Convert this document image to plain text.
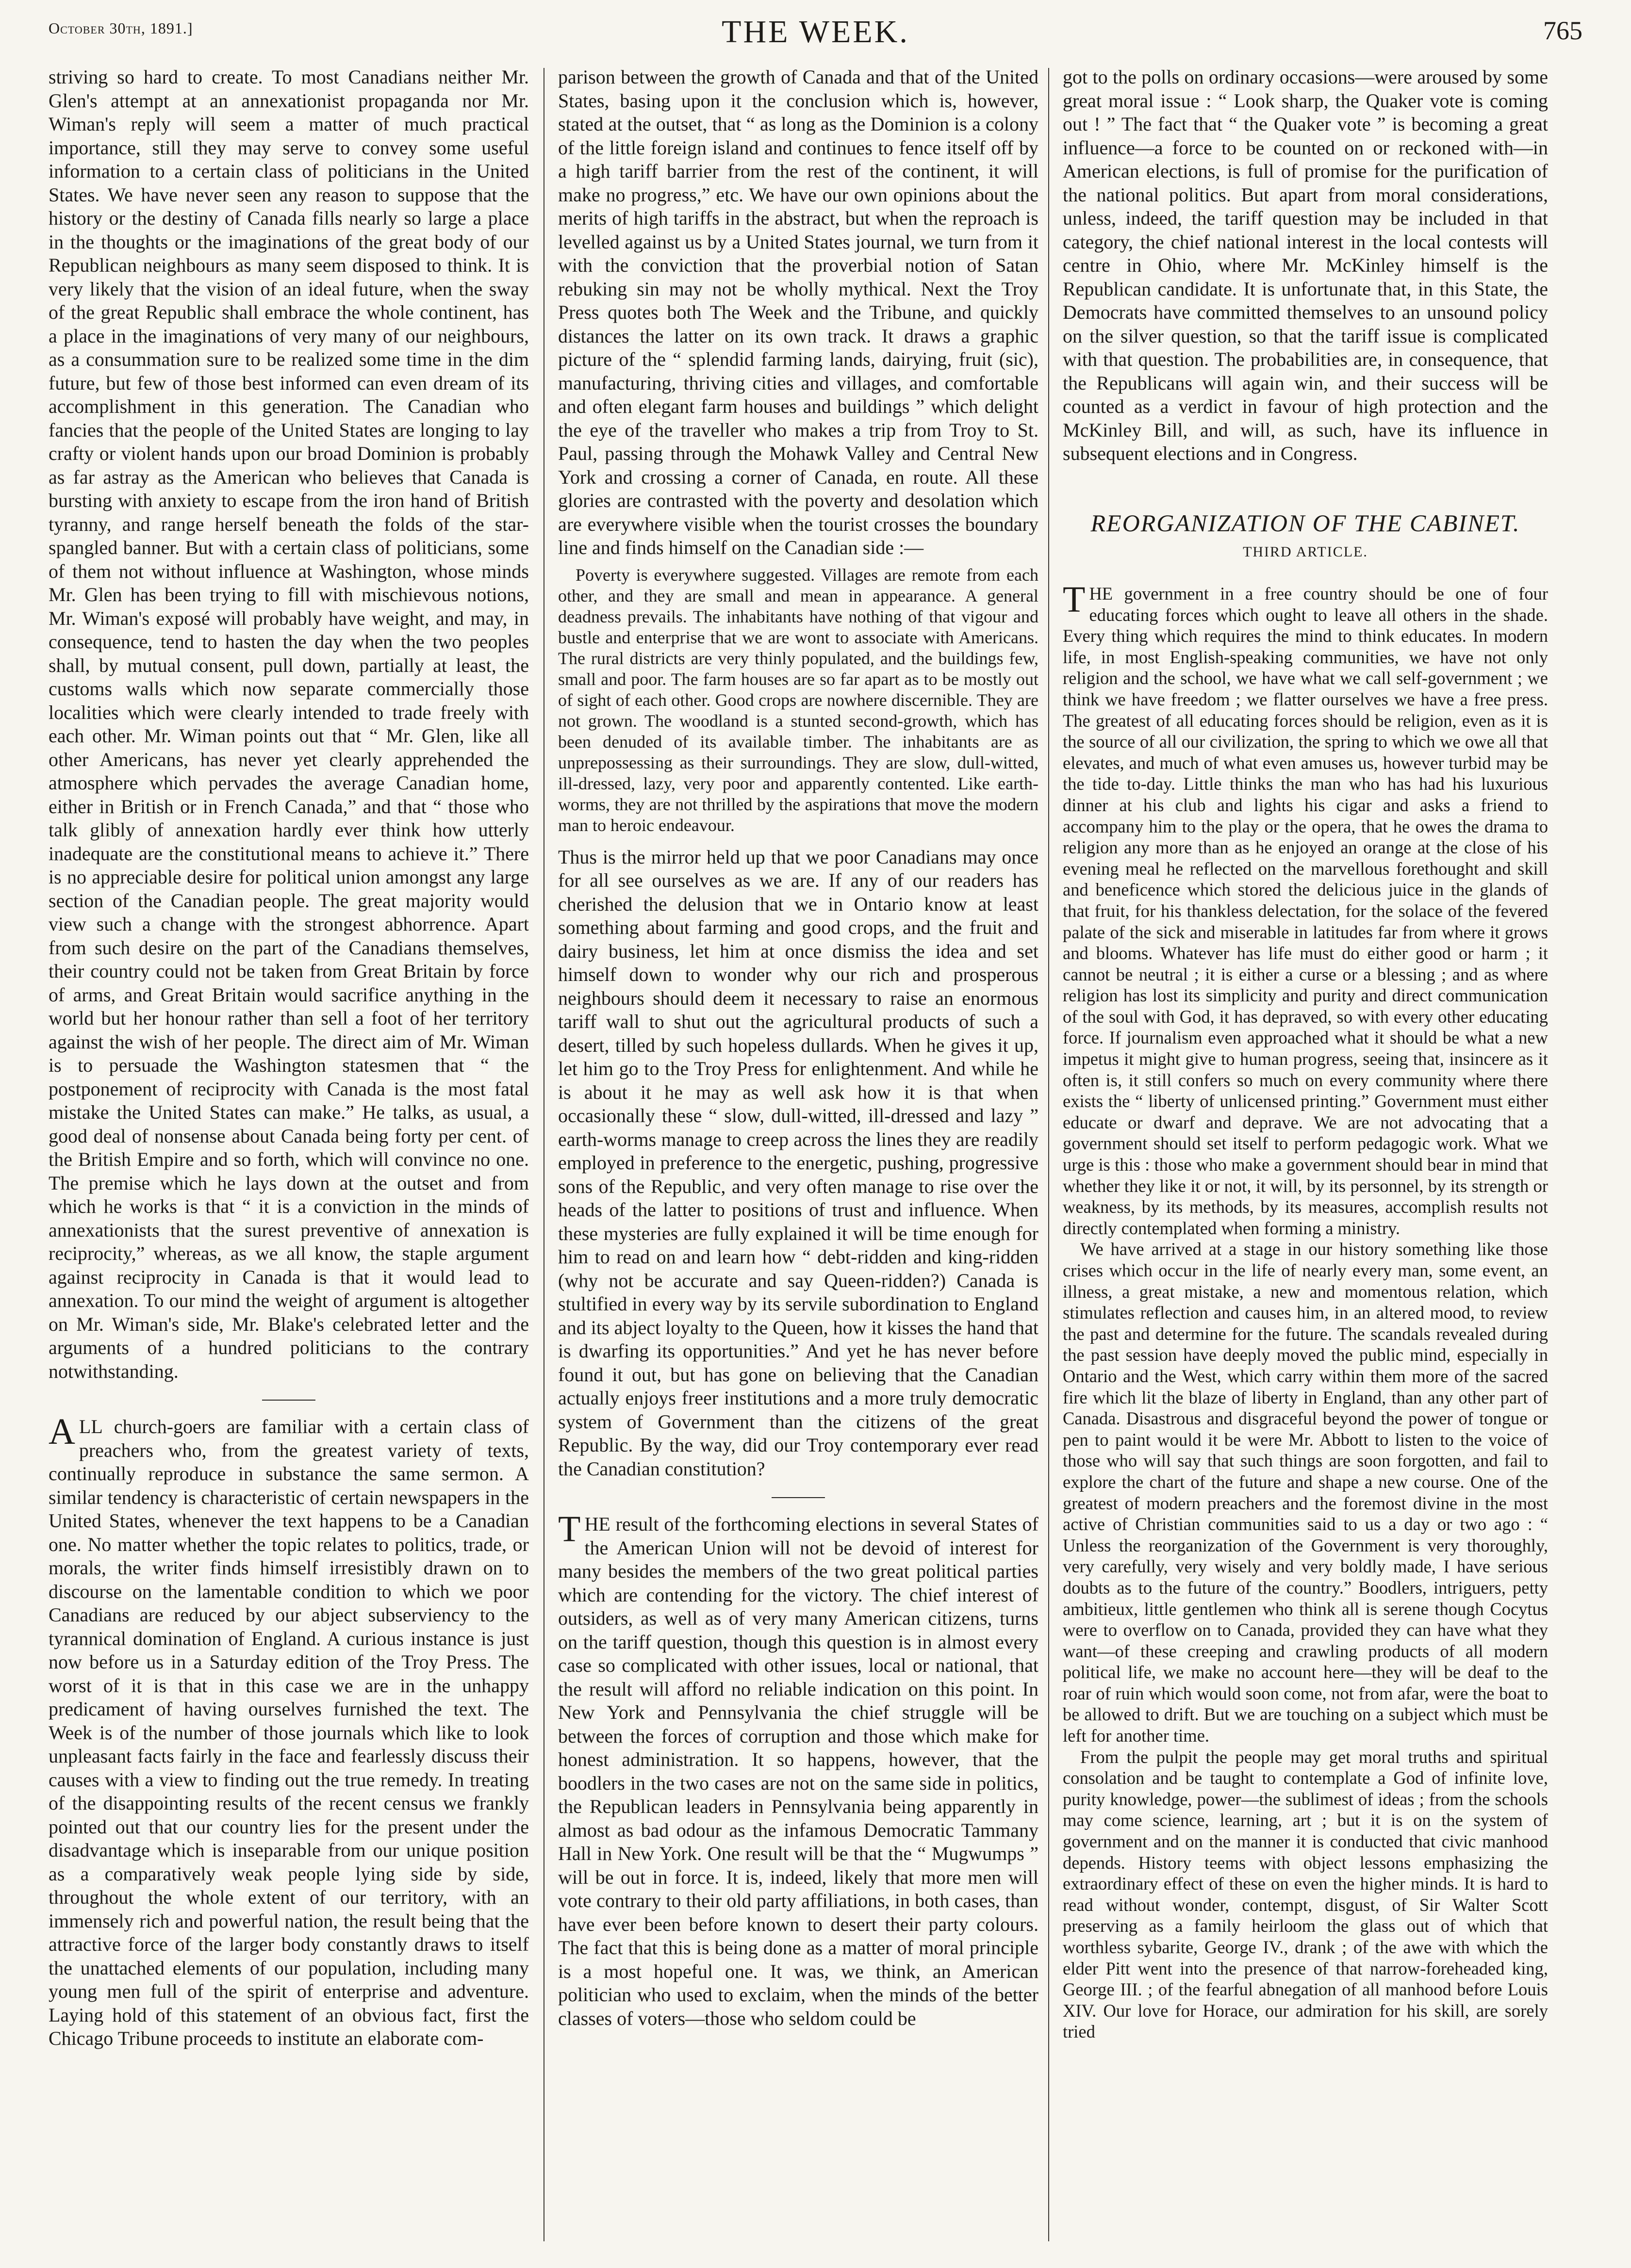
October 30th, 1891.]	THE WEEK.	765

striving so hard to create. To most Canadians neither Mr. Glen's attempt at an annexationist propaganda nor Mr. Wiman's reply will seem a matter of much practical importance, still they may serve to convey some useful information to a certain class of politicians in the United States. We have never seen any reason to suppose that the history or the destiny of Canada fills nearly so large a place in the thoughts or the imaginations of the great body of our Republican neighbours as many seem disposed to think. It is very likely that the vision of an ideal future, when the sway of the great Republic shall embrace the whole continent, has a place in the imaginations of very many of our neighbours, as a consummation sure to be realized some time in the dim future, but few of those best informed can even dream of its accomplishment in this generation. The Canadian who fancies that the people of the United States are longing to lay crafty or violent hands upon our broad Dominion is probably as far astray as the American who believes that Canada is bursting with anxiety to escape from the iron hand of British tyranny, and range herself beneath the folds of the star-spangled banner. But with a certain class of politicians, some of them not without influence at Washington, whose minds Mr. Glen has been trying to fill with mischievous notions, Mr. Wiman's exposé will probably have weight, and may, in consequence, tend to hasten the day when the two peoples shall, by mutual consent, pull down, partially at least, the customs walls which now separate commercially those localities which were clearly intended to trade freely with each other. Mr. Wiman points out that “ Mr. Glen, like all other Americans, has never yet clearly apprehended the atmosphere which pervades the average Canadian home, either in British or in French Canada,” and that “ those who talk glibly of annexation hardly ever think how utterly inadequate are the constitutional means to achieve it.” There is no appreciable desire for political union amongst any large section of the Canadian people. The great majority would view such a change with the strongest abhorrence. Apart from such desire on the part of the Canadians themselves, their country could not be taken from Great Britain by force of arms, and Great Britain would sacrifice anything in the world but her honour rather than sell a foot of her territory against the wish of her people. The direct aim of Mr. Wiman is to persuade the Washington statesmen that “ the postponement of reciprocity with Canada is the most fatal mistake the United States can make.” He talks, as usual, a good deal of nonsense about Canada being forty per cent. of the British Empire and so forth, which will convince no one. The premise which he lays down at the outset and from which he works is that “ it is a conviction in the minds of annexationists that the surest preventive of annexation is reciprocity,” whereas, as we all know, the staple argument against reciprocity in Canada is that it would lead to annexation. To our mind the weight of argument is altogether on Mr. Wiman's side, Mr. Blake's celebrated letter and the arguments of a hundred politicians to the contrary notwithstanding.

ALL church-goers are familiar with a certain class of preachers who, from the greatest variety of texts, continually reproduce in substance the same sermon. A similar tendency is characteristic of certain newspapers in the United States, whenever the text happens to be a Canadian one. No matter whether the topic relates to politics, trade, or morals, the writer finds himself irresistibly drawn on to discourse on the lamentable condition to which we poor Canadians are reduced by our abject subserviency to the tyrannical domination of England. A curious instance is just now before us in a Saturday edition of the Troy Press. The worst of it is that in this case we are in the unhappy predicament of having ourselves furnished the text. The Week is of the number of those journals which like to look unpleasant facts fairly in the face and fearlessly discuss their causes with a view to finding out the true remedy. In treating of the disappointing results of the recent census we frankly pointed out that our country lies for the present under the disadvantage which is inseparable from our unique position as a comparatively weak people lying side by side, throughout the whole extent of our territory, with an immensely rich and powerful nation, the result being that the attractive force of the larger body constantly draws to itself the unattached elements of our population, including many young men full of the spirit of enterprise and adventure. Laying hold of this statement of an obvious fact, first the Chicago Tribune proceeds to institute an elaborate com-

parison between the growth of Canada and that of the United States, basing upon it the conclusion which is, however, stated at the outset, that “ as long as the Dominion is a colony of the little foreign island and continues to fence itself off by a high tariff barrier from the rest of the continent, it will make no progress,” etc. We have our own opinions about the merits of high tariffs in the abstract, but when the reproach is levelled against us by a United States journal, we turn from it with the conviction that the proverbial notion of Satan rebuking sin may not be wholly mythical. Next the Troy Press quotes both The Week and the Tribune, and quickly distances the latter on its own track. It draws a graphic picture of the “ splendid farming lands, dairying, fruit (sic), manufacturing, thriving cities and villages, and comfortable and often elegant farm houses and buildings ” which delight the eye of the traveller who makes a trip from Troy to St. Paul, passing through the Mohawk Valley and Central New York and crossing a corner of Canada, en route. All these glories are contrasted with the poverty and desolation which are everywhere visible when the tourist crosses the boundary line and finds himself on the Canadian side :—

Poverty is everywhere suggested. Villages are remote from each other, and they are small and mean in appearance. A general deadness prevails. The inhabitants have nothing of that vigour and bustle and enterprise that we are wont to associate with Americans. The rural districts are very thinly populated, and the buildings few, small and poor. The farm houses are so far apart as to be mostly out of sight of each other. Good crops are nowhere discernible. They are not grown. The woodland is a stunted second-growth, which has been denuded of its available timber. The inhabitants are as unprepossessing as their surroundings. They are slow, dull-witted, ill-dressed, lazy, very poor and apparently contented. Like earth-worms, they are not thrilled by the aspirations that move the modern man to heroic endeavour.

Thus is the mirror held up that we poor Canadians may once for all see ourselves as we are. If any of our readers has cherished the delusion that we in Ontario know at least something about farming and good crops, and the fruit and dairy business, let him at once dismiss the idea and set himself down to wonder why our rich and prosperous neighbours should deem it necessary to raise an enormous tariff wall to shut out the agricultural products of such a desert, tilled by such hopeless dullards. When he gives it up, let him go to the Troy Press for enlightenment. And while he is about it he may as well ask how it is that when occasionally these “ slow, dull-witted, ill-dressed and lazy ” earth-worms manage to creep across the lines they are readily employed in preference to the energetic, pushing, progressive sons of the Republic, and very often manage to rise over the heads of the latter to positions of trust and influence. When these mysteries are fully explained it will be time enough for him to read on and learn how “ debt-ridden and king-ridden (why not be accurate and say Queen-ridden?) Canada is stultified in every way by its servile subordination to England and its abject loyalty to the Queen, how it kisses the hand that is dwarfing its opportunities.” And yet he has never before found it out, but has gone on believing that the Canadian actually enjoys freer institutions and a more truly democratic system of Government than the citizens of the great Republic. By the way, did our Troy contemporary ever read the Canadian constitution?

THE result of the forthcoming elections in several States of the American Union will not be devoid of interest for many besides the members of the two great political parties which are contending for the victory. The chief interest of outsiders, as well as of very many American citizens, turns on the tariff question, though this question is in almost every case so complicated with other issues, local or national, that the result will afford no reliable indication on this point. In New York and Pennsylvania the chief struggle will be between the forces of corruption and those which make for honest administration. It so happens, however, that the boodlers in the two cases are not on the same side in politics, the Republican leaders in Pennsylvania being apparently in almost as bad odour as the infamous Democratic Tammany Hall in New York. One result will be that the “ Mugwumps ” will be out in force. It is, indeed, likely that more men will vote contrary to their old party affiliations, in both cases, than have ever been before known to desert their party colours. The fact that this is being done as a matter of moral principle is a most hopeful one. It was, we think, an American politician who used to exclaim, when the minds of the better classes of voters—those who seldom could be

got to the polls on ordinary occasions—were aroused by some great moral issue : “ Look sharp, the Quaker vote is coming out ! ” The fact that “ the Quaker vote ” is becoming a great influence—a force to be counted on or reckoned with—in American elections, is full of promise for the purification of the national politics. But apart from moral considerations, unless, indeed, the tariff question may be included in that category, the chief national interest in the local contests will centre in Ohio, where Mr. McKinley himself is the Republican candidate. It is unfortunate that, in this State, the Democrats have committed themselves to an unsound policy on the silver question, so that the tariff issue is complicated with that question. The probabilities are, in consequence, that the Republicans will again win, and their success will be counted as a verdict in favour of high protection and the McKinley Bill, and will, as such, have its influence in subsequent elections and in Congress.

REORGANIZATION OF THE CABINET.
THIRD ARTICLE.

THE government in a free country should be one of four educating forces which ought to leave all others in the shade. Every thing which requires the mind to think educates. In modern life, in most English-speaking communities, we have not only religion and the school, we have what we call self-government ; we think we have freedom ; we flatter ourselves we have a free press. The greatest of all educating forces should be religion, even as it is the source of all our civilization, the spring to which we owe all that elevates, and much of what even amuses us, however turbid may be the tide to-day. Little thinks the man who has had his luxurious dinner at his club and lights his cigar and asks a friend to accompany him to the play or the opera, that he owes the drama to religion any more than as he enjoyed an orange at the close of his evening meal he reflected on the marvellous forethought and skill and beneficence which stored the delicious juice in the glands of that fruit, for his thankless delectation, for the solace of the fevered palate of the sick and miserable in latitudes far from where it grows and blooms. Whatever has life must do either good or harm ; it cannot be neutral ; it is either a curse or a blessing ; and as where religion has lost its simplicity and purity and direct communication of the soul with God, it has depraved, so with every other educating force. If journalism even approached what it should be what a new impetus it might give to human progress, seeing that, insincere as it often is, it still confers so much on every community where there exists the “ liberty of unlicensed printing.” Government must either educate or dwarf and deprave. We are not advocating that a government should set itself to perform pedagogic work. What we urge is this : those who make a government should bear in mind that whether they like it or not, it will, by its personnel, by its strength or weakness, by its methods, by its measures, accomplish results not directly contemplated when forming a ministry.

We have arrived at a stage in our history something like those crises which occur in the life of nearly every man, some event, an illness, a great mistake, a new and momentous relation, which stimulates reflection and causes him, in an altered mood, to review the past and determine for the future. The scandals revealed during the past session have deeply moved the public mind, especially in Ontario and the West, which carry within them more of the sacred fire which lit the blaze of liberty in England, than any other part of Canada. Disastrous and disgraceful beyond the power of tongue or pen to paint would it be were Mr. Abbott to listen to the voice of those who will say that such things are soon forgotten, and fail to explore the chart of the future and shape a new course. One of the greatest of modern preachers and the foremost divine in the most active of Christian communities said to us a day or two ago : “ Unless the reorganization of the Government is very thoroughly, very carefully, very wisely and very boldly made, I have serious doubts as to the future of the country.” Boodlers, intriguers, petty ambitieux, little gentlemen who think all is serene though Cocytus were to overflow on to Canada, provided they can have what they want—of these creeping and crawling products of all modern political life, we make no account here—they will be deaf to the roar of ruin which would soon come, not from afar, were the boat to be allowed to drift. But we are touching on a subject which must be left for another time.

From the pulpit the people may get moral truths and spiritual consolation and be taught to contemplate a God of infinite love, purity knowledge, power—the sublimest of ideas ; from the schools may come science, learning, art ; but it is on the system of government and on the manner it is conducted that civic manhood depends. History teems with object lessons emphasizing the extraordinary effect of these on even the higher minds. It is hard to read without wonder, contempt, disgust, of Sir Walter Scott preserving as a family heirloom the glass out of which that worthless sybarite, George IV., drank ; of the awe with which the elder Pitt went into the presence of that narrow-foreheaded king, George III. ; of the fearful abnegation of all manhood before Louis XIV. Our love for Horace, our admiration for his skill, are sorely tried
